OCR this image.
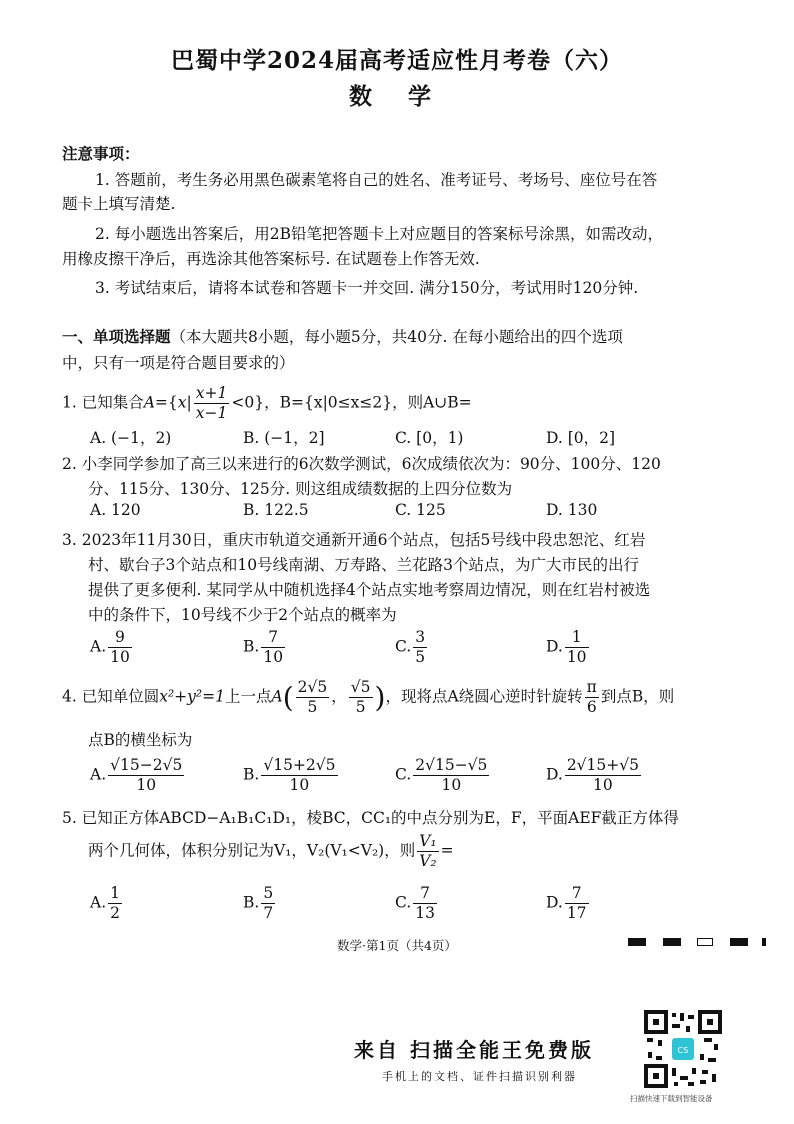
巴蜀中学2024届高考适应性月考卷（六）
数 学
注意事项：
1. 答题前，考生务必用黑色碳素笔将自己的姓名、准考证号、考场号、座位号在答
题卡上填写清楚.
2. 每小题选出答案后，用2B铅笔把答题卡上对应题目的答案标号涂黑，如需改动，
用橡皮擦干净后，再选涂其他答案标号. 在试题卷上作答无效.
3. 考试结束后，请将本试卷和答题卡一并交回. 满分150分，考试用时120分钟.
一、单项选择题（本大题共8小题，每小题5分，共40分. 在每小题给出的四个选项
中，只有一项是符合题目要求的）
1. 已知集合$A=\{x| \frac{x+1}{x-1} <0\}$，B={x|0≤x≤2}，则A∪B=
A. (−1，2)	B. (−1，2]	C. [0，1)	D. [0，2]
2. 小李同学参加了高三以来进行的6次数学测试，6次成绩依次为：90分、100分、120
分、115分、130分、125分. 则这组成绩数据的上四分位数为
A. 120	B. 122.5	C. 125	D. 130
3. 2023年11月30日，重庆市轨道交通新开通6个站点，包括5号线中段忠恕沱、红岩
村、歇台子3个站点和10号线南湖、万寿路、兰花路3个站点，为广大市民的出行
提供了更多便利. 某同学从中随机选择4个站点实地考察周边情况，则在红岩村被选
中的条件下，10号线不少于2个站点的概率为
A. $\frac{9}{10}$	B. $\frac{7}{10}$	C. $\frac{3}{5}$	D. $\frac{1}{10}$
4. 已知单位圆x²+y²=1上一点$A( \frac{2√5}{5}$ ， $\frac{√5}{5}$ )，现将点A绕圆心逆时针旋转 $\frac{\pi}{6}$ 到点B，则
点B的横坐标为
A. $\frac{√15-2√5}{10}$	B. $\frac{√15+2√5}{10}$	C. $\frac{2√15-√5}{10}$	D. $\frac{2√15+√5}{10}$
5. 已知正方体ABCD−A₁B₁C₁D₁，棱BC，CC₁的中点分别为E，F，平面AEF截正方体得
两个几何体，体积分别记为V₁，V₂(V₁<V₂)，则 $\frac{\text{V₁}}{\text{V₂}}$ =
A. $\frac{1}{2}$	B. $\frac{5}{7}$	C. $\frac{7}{13}$	D. $\frac{7}{17}$
数学·第1页（共4页）
来自 扫描全能王免费版
手机上的文档、证件扫描识别利器
CS
扫描快速下载到智能设备
